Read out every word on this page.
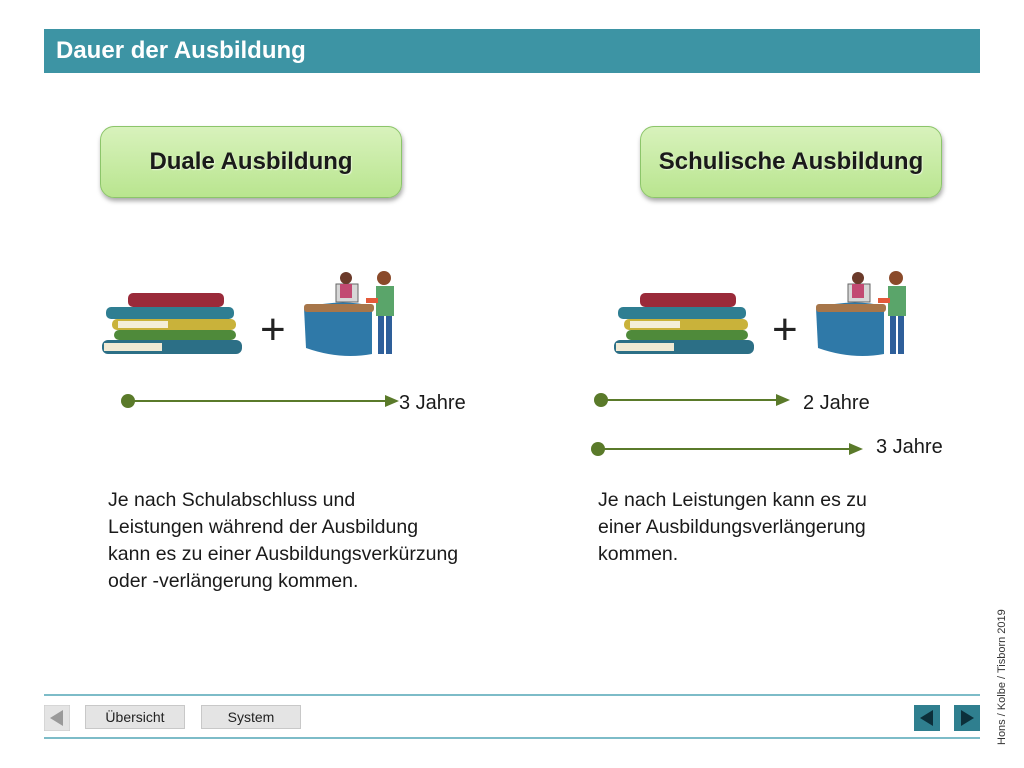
Dauer der Ausbildung
Duale Ausbildung	Schulische Ausbildung
+	+
3 Jahre	2 Jahre
3 Jahre
Je nach Schulabschluss und
Leistungen während der Ausbildung
kann es zu einer Ausbildungsverkürzung
oder -verlängerung kommen.
Je nach Leistungen kann es zu
einer Ausbildungsverlängerung
kommen.
Hons / Kolbe / Tisborn 2019
Übersicht	System
